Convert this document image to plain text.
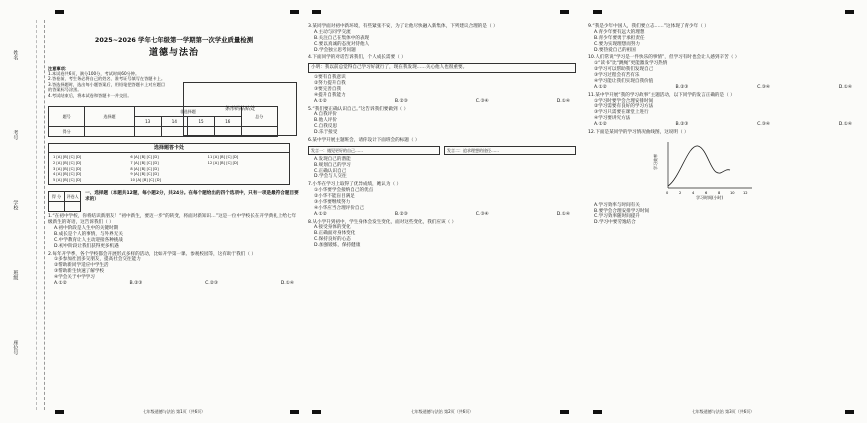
姓名
考号
学校
班级
座位号
2025~2026 学年七年级第一学期第一次学业质量检测
道德与法治
注意事项：
1.本试卷共6页，满分100分，考试时间60分钟。
2.答卷前，考生务必将自己的姓名、准考证号填写在答题卡上。
3.答选择题时，选出每小题答案后，用铅笔把答题卡上对应题目的答案标号涂黑。
4.考试结束后，将本试卷和答题卡一并交回。
条形码粘贴处
题号	选择题	非选择题				总分
		13	14	15	16	
得分						
选择题答卡处
1 [A] [B] [C] [D]	6 [A] [B] [C] [D]	11 [A] [B] [C] [D]
2 [A] [B] [C] [D]	7 [A] [B] [C] [D]	12 [A] [B] [C] [D]
3 [A] [B] [C] [D]	8 [A] [B] [C] [D]
4 [A] [B] [C] [D]	9 [A] [B] [C] [D]
5 [A] [B] [C] [D]	10 [A] [B] [C] [D]
得 分	评卷人

一、选择题（本题共12题，每小题2分，共24分。在每个题给出的四个选项中，只有一项是最符合题目要求的）
1.“在初中学校，你将结识新朋友！”初中新生，要迈一步“的转变，将面对新知识…”这是一位中学校长在开学典礼上给七年级新生的寄语，这告诉我们（ ）
A.初中阶段是人生中的关键时期
B.成长是个人的事情，与外界无关
C.中学教育让人主动迎接各种挑战
D.初中阶段让我们获得更多机遇
2.每年开学季，各个学校都会开展形式多样的活动，比如开学第一课、参观校园等，这有助于我们（ ）
①多参加社团多交朋友，提高社会交往能力
②帮助新同学适应中学生活
③帮助新生快速了解学校
④学会关于中学学习
A.①②	B.②③	C.②③	D.①④
七年级道德与法治 第1页（共6页）
3.某同学面对初中新环境，有些紧张不安，为了让他尽快融入新集体，下列建议合理的是（ ）
A.主动与同学交流
B.关注自己在集体中的表现
C.要以真诚的态度对待他人
D.学会独立思考问题
4.下面同学的对话告诉我们，个人成长需要（ ）
小明：我以前总觉得自己学习好就行了，现在我发现……关心他人也很重要。
①要有自我意识
②努力提升自我
③要完善自我
④提升自我能力
A.①②	B.②③	C.③④	D.①④
5.“我们要正确认识自己。”这告诉我们要做到（ ）
A.自我评价
B.他人评价
C.自我反思
D.乐于接受
6.某中学开展主题班会，请你设计下面班会的标题（ ）
发言一：遇见更好的自己……	发言二：追求理想的途径……
A.发现自己的潜能
B.规划自己的学习
C.正确认识自己
D.学会与人交往
7.小华在学习上取得了优异成绩，她认为（ ）
①小华要学会接纳自己的优点
②小华不能盲目满足
③小华要继续努力
④小华应当合理评价自己
A.①②	B.②③	C.③④	D.①④
8.从小学升到初中，学生身体会发生变化，面对这些变化，我们应该（ ）
A.接受身体的变化
B.正确面对身体变化
C.保持良好的心态
D.加强锻炼，保持健康
七年级道德与法治 第2页（共6页）
9.“我是少年中国人，我们要立志……”这体现了青少年（ ）
A.青少年要有远大的理想
B.青少年要勇于承担责任
C.要为实现理想而努力
D.要热爱自己的祖国
10.人们常说“学习是一件快乐的事情”，但学习有时也会让人感到辛苦（ ）
①“读书”比“跳绳”更能激发学习热情
②学习可以帮助我们发现自己
③学习过程会有苦有乐
④学习能让我们实现自我价值
A.①②	B.②③	C.③④	D.①④
11.某中学开展“我的学习故事”主题活动，以下同学的发言正确的是（ ）
①学习时要学会合理安排时间
②学习需要有良好的学习方法
③学习只需要在课堂上进行
④学习要讲究方法
A.①②	B.②③	C.③④	D.①④
12.下面是某同学的学习情况曲线图，这说明（ ）
学习效率
学习时间(小时)
0	2	4	6	8	10 12
A.学习效率与时间有关
B.要学会合理安排学习时间
C.学习效率随时间提升
D.学习中要劳逸结合
七年级道德与法治 第3页（共6页）
